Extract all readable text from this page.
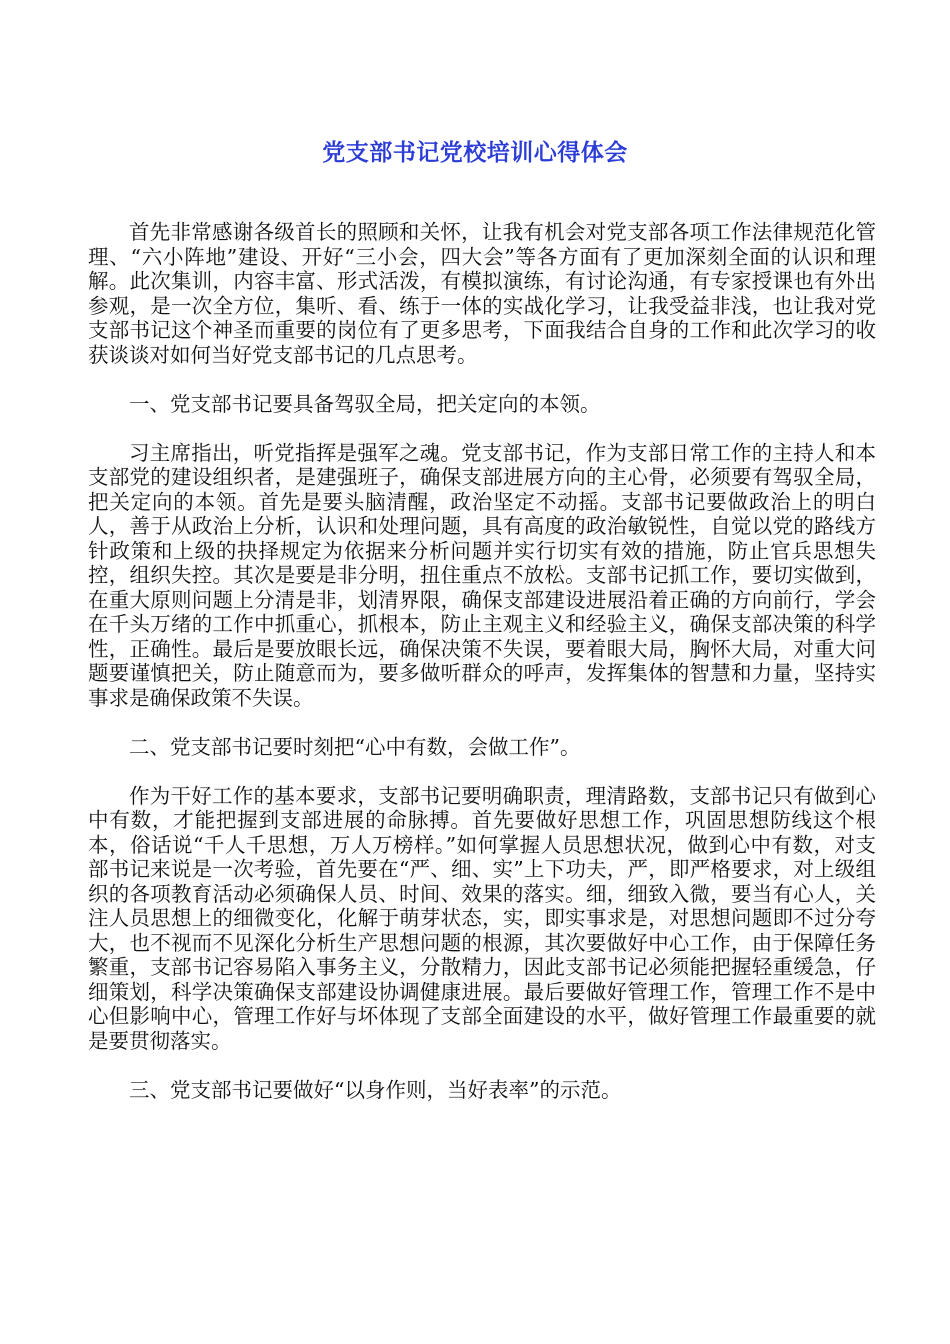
党支部书记党校培训心得体会

首先非常感谢各级首长的照顾和关怀，让我有机会对党支部各项工作法律规范化管理、“六小阵地”建设、开好“三小会，四大会”等各方面有了更加深刻全面的认识和理解。此次集训，内容丰富、形式活泼，有模拟演练，有讨论沟通，有专家授课也有外出参观，是一次全方位，集听、看、练于一体的实战化学习，让我受益非浅，也让我对党支部书记这个神圣而重要的岗位有了更多思考，下面我结合自身的工作和此次学习的收获谈谈对如何当好党支部书记的几点思考。

一、党支部书记要具备驾驭全局，把关定向的本领。

习主席指出，听党指挥是强军之魂。党支部书记，作为支部日常工作的主持人和本支部党的建设组织者，是建强班子，确保支部进展方向的主心骨，必须要有驾驭全局，把关定向的本领。首先是要头脑清醒，政治坚定不动摇。支部书记要做政治上的明白人，善于从政治上分析，认识和处理问题，具有高度的政治敏锐性，自觉以党的路线方针政策和上级的抉择规定为依据来分析问题并实行切实有效的措施，防止官兵思想失控，组织失控。其次是要是非分明，扭住重点不放松。支部书记抓工作，要切实做到，在重大原则问题上分清是非，划清界限，确保支部建设进展沿着正确的方向前行，学会在千头万绪的工作中抓重心，抓根本，防止主观主义和经验主义，确保支部决策的科学性，正确性。最后是要放眼长远，确保决策不失误，要着眼大局，胸怀大局，对重大问题要谨慎把关，防止随意而为，要多做听群众的呼声，发挥集体的智慧和力量，坚持实事求是确保政策不失误。

二、党支部书记要时刻把“心中有数，会做工作”。

作为干好工作的基本要求，支部书记要明确职责，理清路数，支部书记只有做到心中有数，才能把握到支部进展的命脉搏。首先要做好思想工作，巩固思想防线这个根本，俗话说“千人千思想，万人万榜样。”如何掌握人员思想状况，做到心中有数，对支部书记来说是一次考验，首先要在“严、细、实”上下功夫，严，即严格要求，对上级组织的各项教育活动必须确保人员、时间、效果的落实。细，细致入微，要当有心人，关注人员思想上的细微变化，化解于萌芽状态，实，即实事求是，对思想问题即不过分夸大，也不视而不见深化分析生产思想问题的根源，其次要做好中心工作，由于保障任务繁重，支部书记容易陷入事务主义，分散精力，因此支部书记必须能把握轻重缓急，仔细策划，科学决策确保支部建设协调健康进展。最后要做好管理工作，管理工作不是中心但影响中心，管理工作好与坏体现了支部全面建设的水平，做好管理工作最重要的就是要贯彻落实。

三、党支部书记要做好“以身作则，当好表率”的示范。
